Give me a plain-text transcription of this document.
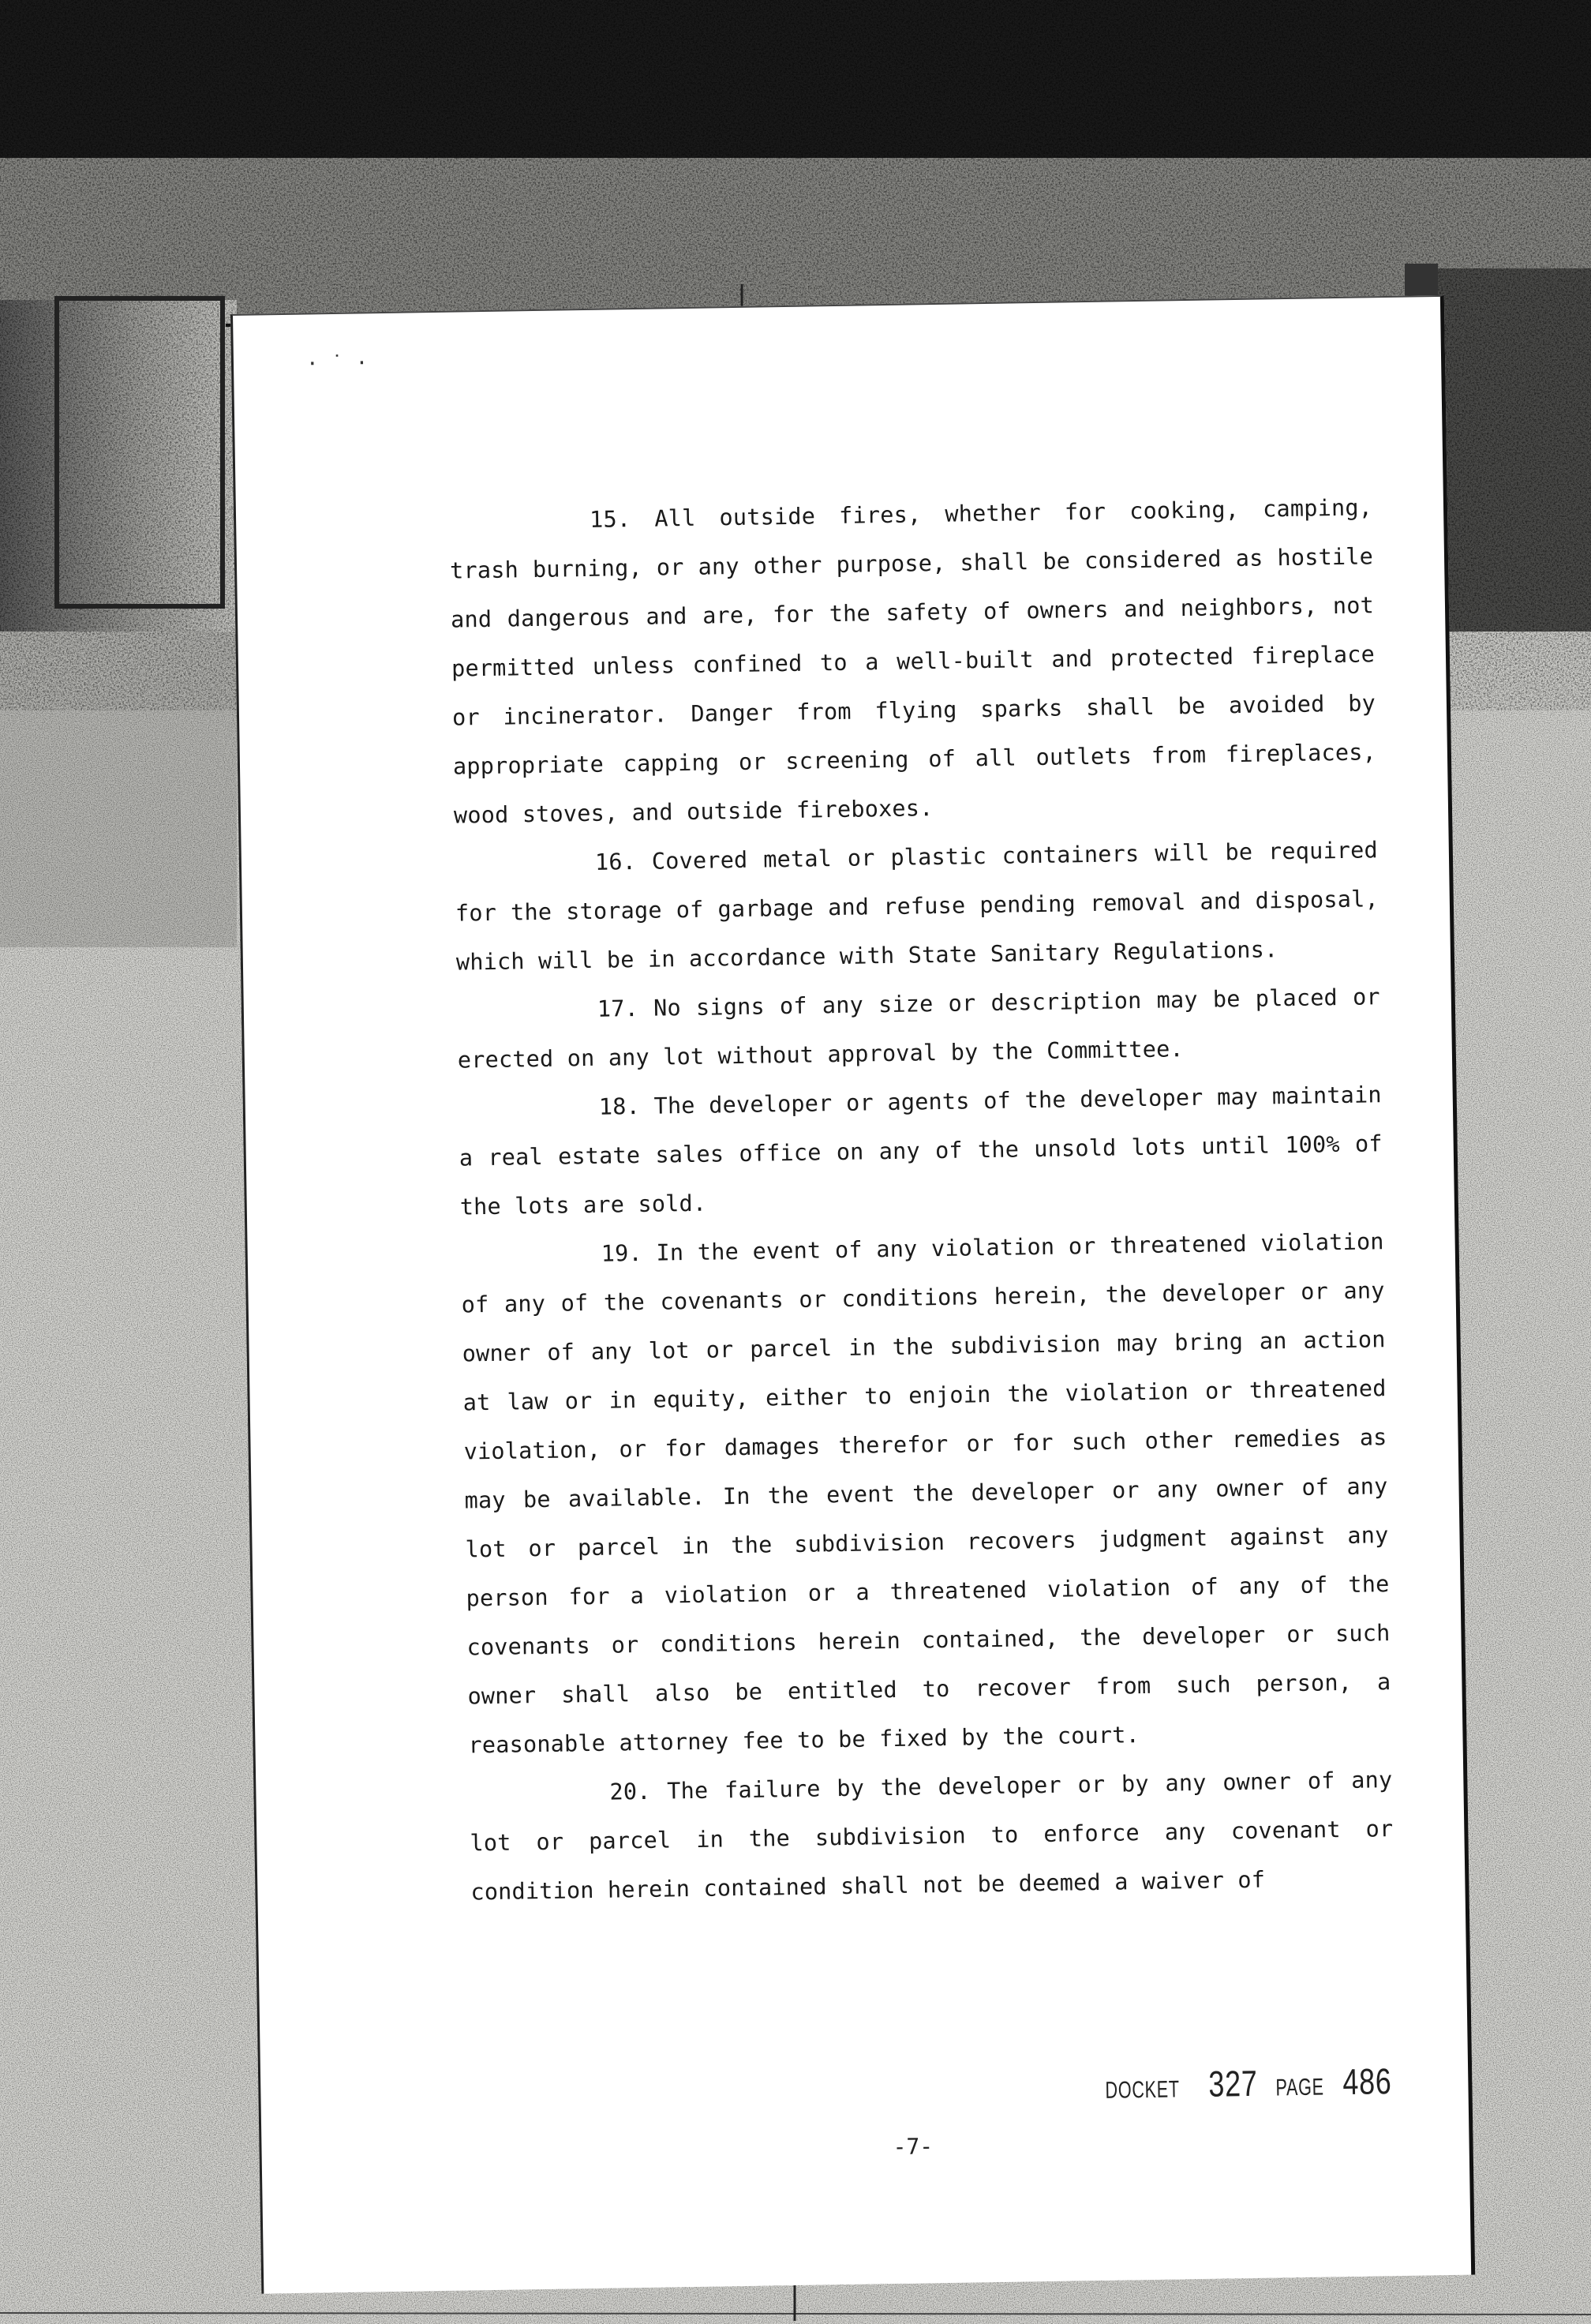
· ˙ ·

15. All outside fires, whether for cooking, camping, trash burning, or any other purpose, shall be considered as hostile and dangerous and are, for the safety of owners and neighbors, not permitted unless confined to a well-built and protected fireplace or incinerator. Danger from flying sparks shall be avoided by appropriate capping or screening of all outlets from fireplaces, wood stoves, and outside fireboxes.

16. Covered metal or plastic containers will be required for the storage of garbage and refuse pending removal and disposal, which will be in accordance with State Sanitary Regulations.

17. No signs of any size or description may be placed or erected on any lot without approval by the Committee.

18. The developer or agents of the developer may maintain a real estate sales office on any of the unsold lots until 100% of the lots are sold.

19. In the event of any violation or threatened violation of any of the covenants or conditions herein, the developer or any owner of any lot or parcel in the subdivision may bring an action at law or in equity, either to enjoin the violation or threatened violation, or for damages therefor or for such other remedies as may be available. In the event the developer or any owner of any lot or parcel in the subdivision recovers judgment against any person for a violation or a threatened violation of any of the covenants or conditions herein contained, the developer or such owner shall also be entitled to recover from such person, a reasonable attorney fee to be fixed by the court.

20. The failure by the developer or by any owner of any lot or parcel in the subdivision to enforce any covenant or condition herein contained shall not be deemed a waiver of

DOCKET 327 PAGE 486
-7-
